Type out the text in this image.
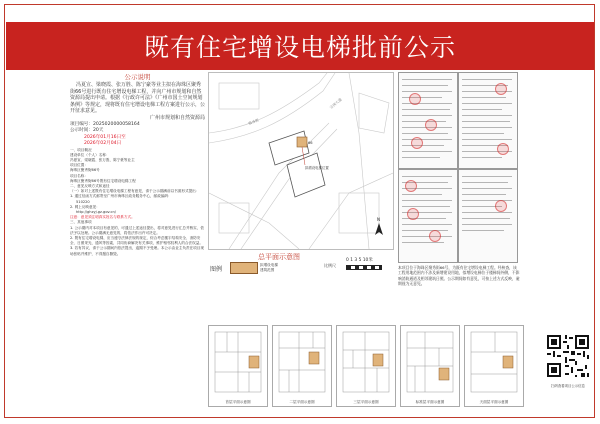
既有住宅增设电梯批前公示
公示说明
冯夏宣、梁晓霞、张万胜、陈宁豪等业主拟在海珠区聚秀街66号进行既有住宅增设电梯工程，并向广州市规划和自然资源局提出申请。根据《行政许可法》《广州市国土空间规划条例》等规定，现将既有住宅增设电梯工程方案进行公示，公开征求意见。
广州市规划和自然资源局
项目编号：2025020000058164
公示时间：20天
2026年01月16日至
2026年02月04日
一、项目概况
建设单位（个人）名称：
冯夏宣、梁晓霞、张万胜、陈宁豪等业主
项目位置：
海珠区聚秀街66号
项目名称：
海珠区聚秀街66号既有住宅增设电梯工程
二、意见反映方式和途径
（一）如对上述既有住宅增设电梯工程有意见，请于公示期满前以书面形式提出：
1. 通过信函方式邮寄至广州市海珠区政务服务中心，邮政编码：
510220
2. 网上反映意见：
http://ghzyj.gz.gov.cn/
注意：意见须注明真实姓名与联系方式。
三、其他事项
1. 公示期内对本项目有意见的，可通过上述途径提出，将对意见进行汇总并核实，依法予以处理。公示期满无意见的，将依法作出许可决定。
2. 既有住宅增设电梯，应当遵守法律法规的规定，综合考虑楼宇结构安全、消防安全、日照采光、通风等因素，共同协商解决有关事项，维护相邻权利人的合法权益。
3. 若有异议，请于公示期间内依法提出，逾期不予受理。本公示由业主负责在项目现场张贴并维护，不得擅自撕毁。
66
拟增设电梯位置
聚秀街
宝岗大道
N
总平面示意图
图例
拟增设电梯
建筑范围
比例尺
0 1 3 5 10米
本项目位于海珠区聚秀街66号，为既有住宅增设电梯工程。经核查，该工程用地范围内不涉及新增建设用地，拟增设电梯位于楼梯间外侧，不影响消防通道及相邻建筑日照。公示期间如有意见，可按上述方式反映，逾期视为无意见。
首层平面示意图	二层平面示意图	三层平面示意图	标准层平面示意图	天面层平面示意图
扫码查看项目公示信息
